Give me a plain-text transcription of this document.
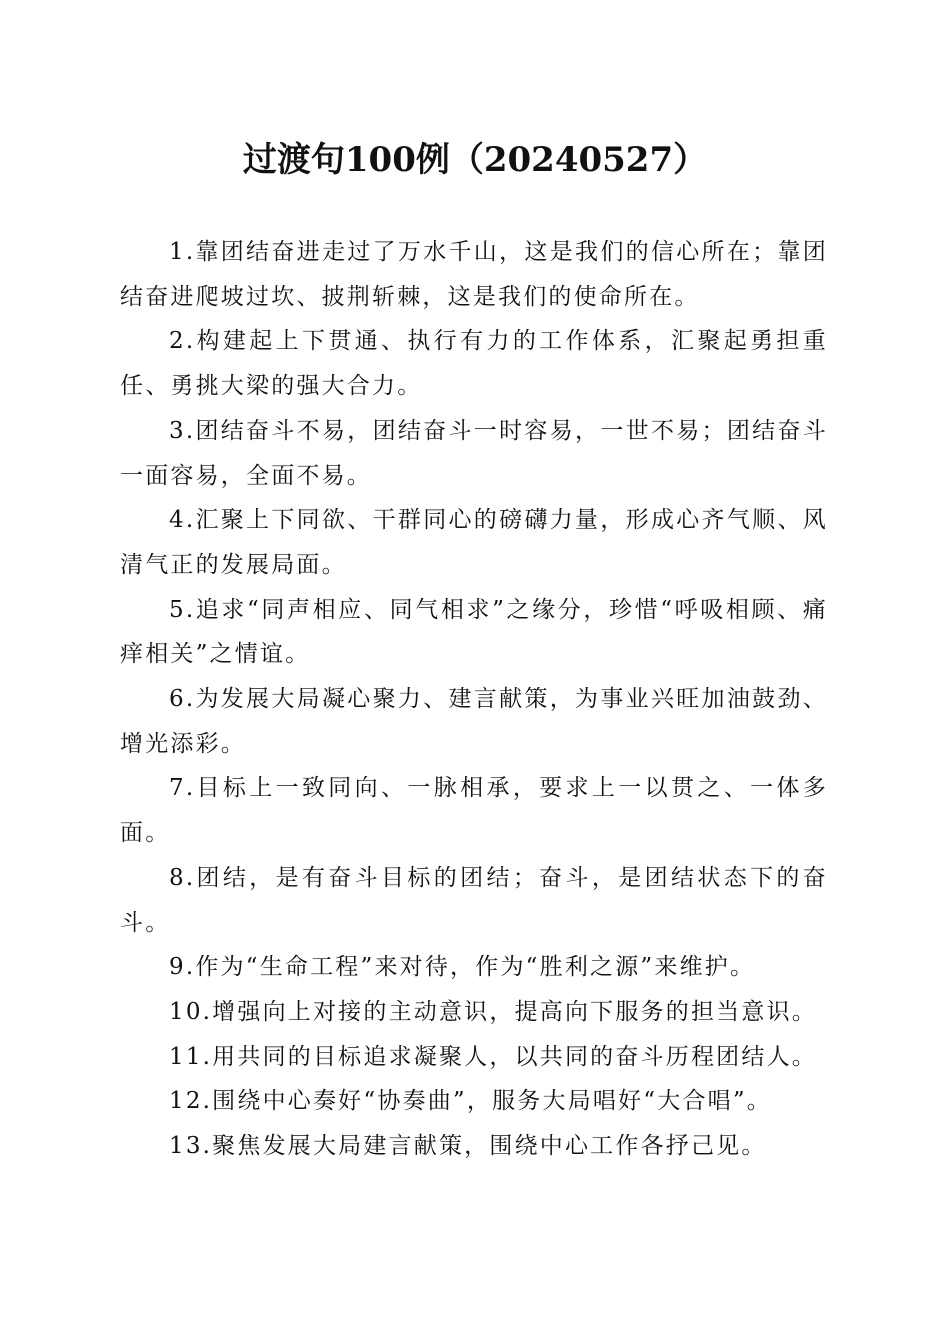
过渡句100例（20240527）

1.靠团结奋进走过了万水千山，这是我们的信心所在；靠团结奋进爬坡过坎、披荆斩棘，这是我们的使命所在。

2.构建起上下贯通、执行有力的工作体系，汇聚起勇担重任、勇挑大梁的强大合力。

3.团结奋斗不易，团结奋斗一时容易，一世不易；团结奋斗一面容易，全面不易。

4.汇聚上下同欲、干群同心的磅礴力量，形成心齐气顺、风清气正的发展局面。

5.追求“同声相应、同气相求”之缘分，珍惜“呼吸相顾、痛痒相关”之情谊。

6.为发展大局凝心聚力、建言献策，为事业兴旺加油鼓劲、增光添彩。

7.目标上一致同向、一脉相承，要求上一以贯之、一体多面。

8.团结，是有奋斗目标的团结；奋斗，是团结状态下的奋斗。

9.作为“生命工程”来对待，作为“胜利之源”来维护。

10.增强向上对接的主动意识，提高向下服务的担当意识。

11.用共同的目标追求凝聚人，以共同的奋斗历程团结人。

12.围绕中心奏好“协奏曲”，服务大局唱好“大合唱”。

13.聚焦发展大局建言献策，围绕中心工作各抒己见。
